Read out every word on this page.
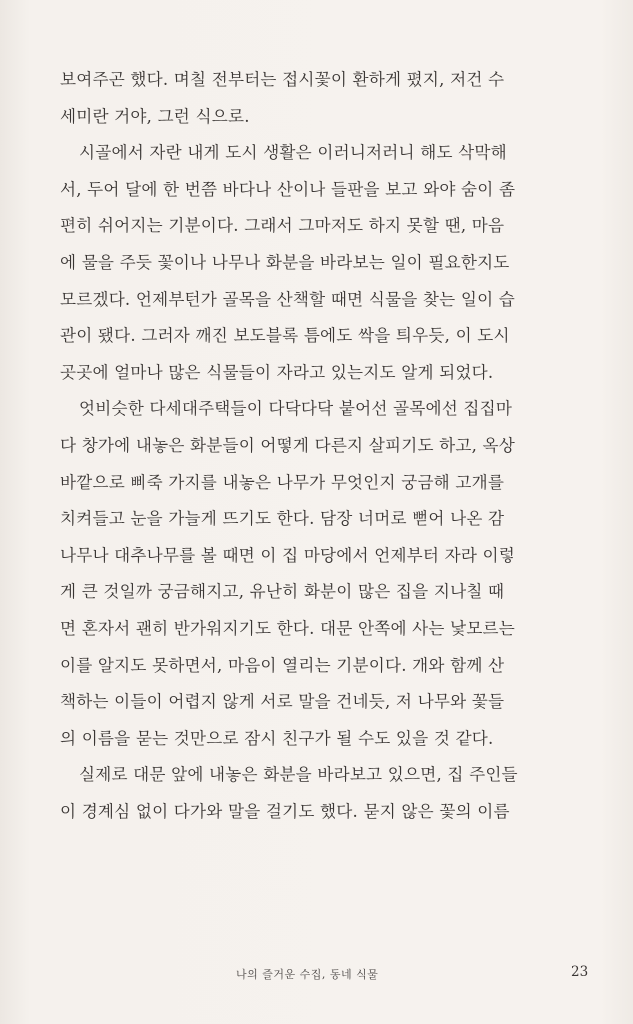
보여주곤 했다. 며칠 전부터는 접시꽃이 환하게 폈지, 저건 수
세미란 거야, 그런 식으로.
시골에서 자란 내게 도시 생활은 이러니저러니 해도 삭막해
서, 두어 달에 한 번쯤 바다나 산이나 들판을 보고 와야 숨이 좀
편히 쉬어지는 기분이다. 그래서 그마저도 하지 못할 땐, 마음
에 물을 주듯 꽃이나 나무나 화분을 바라보는 일이 필요한지도
모르겠다. 언제부턴가 골목을 산책할 때면 식물을 찾는 일이 습
관이 됐다. 그러자 깨진 보도블록 틈에도 싹을 틔우듯, 이 도시
곳곳에 얼마나 많은 식물들이 자라고 있는지도 알게 되었다.
엇비슷한 다세대주택들이 다닥다닥 붙어선 골목에선 집집마
다 창가에 내놓은 화분들이 어떻게 다른지 살피기도 하고, 옥상
바깥으로 삐죽 가지를 내놓은 나무가 무엇인지 궁금해 고개를
치켜들고 눈을 가늘게 뜨기도 한다. 담장 너머로 뻗어 나온 감
나무나 대추나무를 볼 때면 이 집 마당에서 언제부터 자라 이렇
게 큰 것일까 궁금해지고, 유난히 화분이 많은 집을 지나칠 때
면 혼자서 괜히 반가워지기도 한다. 대문 안쪽에 사는 낯모르는
이를 알지도 못하면서, 마음이 열리는 기분이다. 개와 함께 산
책하는 이들이 어렵지 않게 서로 말을 건네듯, 저 나무와 꽃들
의 이름을 묻는 것만으로 잠시 친구가 될 수도 있을 것 같다.
실제로 대문 앞에 내놓은 화분을 바라보고 있으면, 집 주인들
이 경계심 없이 다가와 말을 걸기도 했다. 묻지 않은 꽃의 이름
나의 즐거운 수집, 동네 식물	23
